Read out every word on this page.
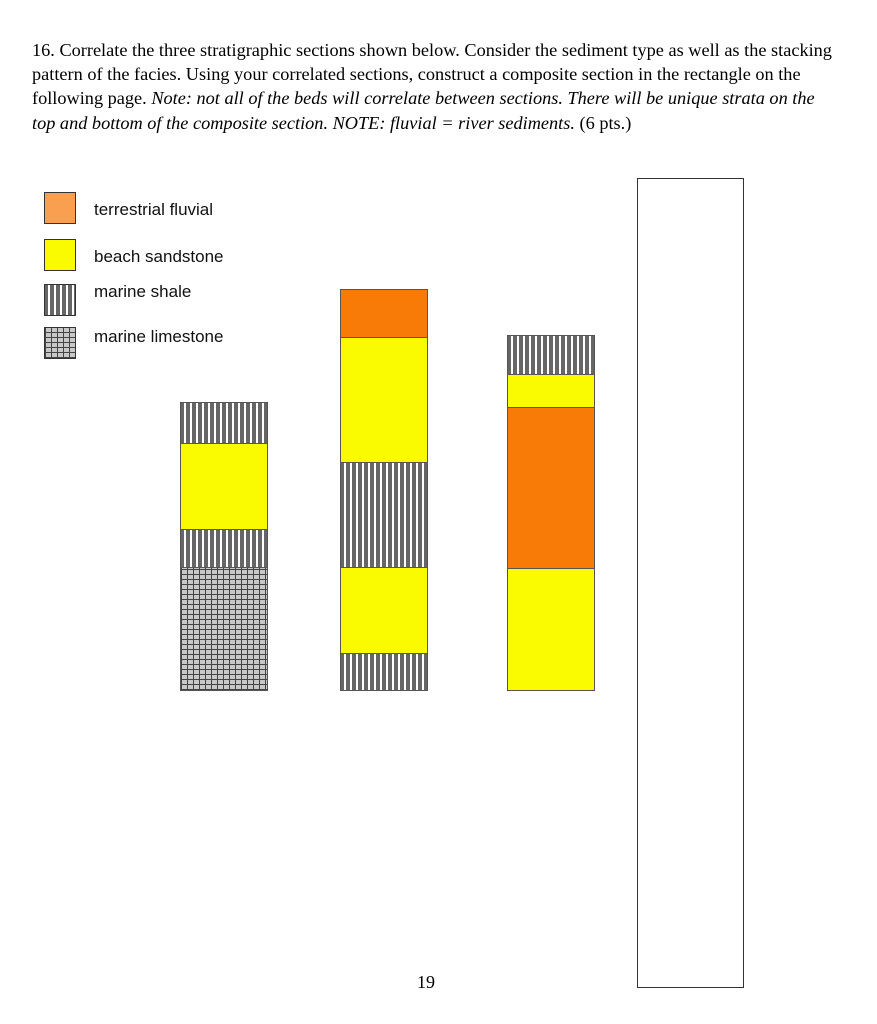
16. Correlate the three stratigraphic sections shown below. Consider the sediment type as well as the stacking pattern of the facies. Using your correlated sections, construct a composite section in the rectangle on the following page. Note: not all of the beds will correlate between sections. There will be unique strata on the top and bottom of the composite section. NOTE: fluvial = river sediments. (6 pts.)
terrestrial fluvial
beach sandstone
marine shale
marine limestone
19
